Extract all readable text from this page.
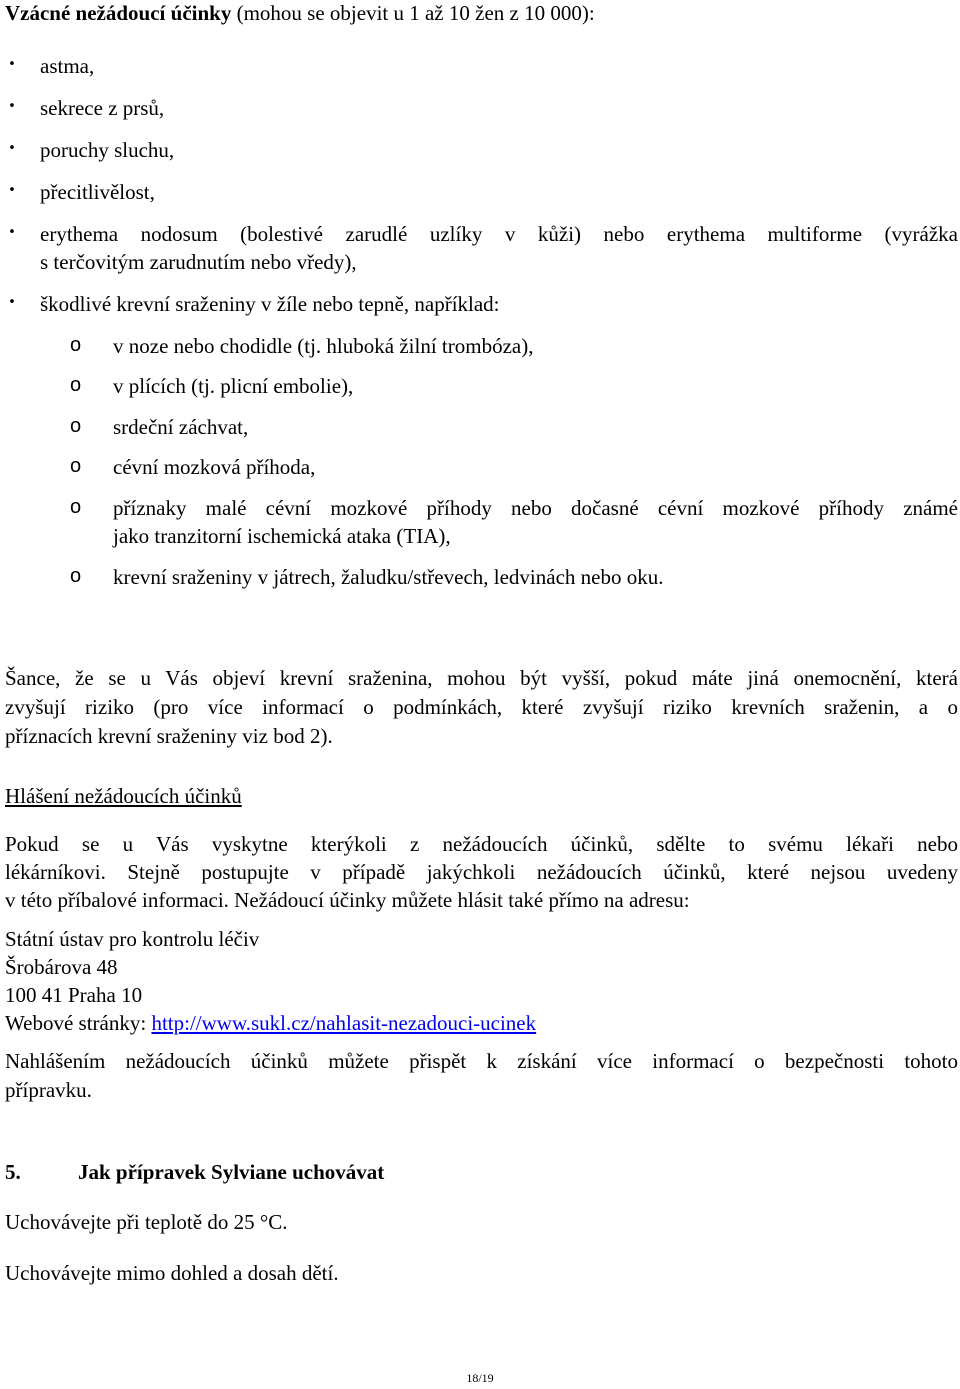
Vzácné nežádoucí účinky (mohou se objevit u 1 až 10 žen z 10 000):
• astma,
• sekrece z prsů,
• poruchy sluchu,
• přecitlivělost,
• erythema nodosum (bolestivé zarudlé uzlíky v kůži) nebo erythema multiforme (vyrážka
s terčovitým zarudnutím nebo vředy),
• škodlivé krevní sraženiny v žíle nebo tepně, například:
o v noze nebo chodidle (tj. hluboká žilní trombóza),
o v plících (tj. plicní embolie),
o srdeční záchvat,
o cévní mozková příhoda,
o příznaky malé cévní mozkové příhody nebo dočasné cévní mozkové příhody známé
jako tranzitorní ischemická ataka (TIA),
o krevní sraženiny v játrech, žaludku/střevech, ledvinách nebo oku.
Šance, že se u Vás objeví krevní sraženina, mohou být vyšší, pokud máte jiná onemocnění, která
zvyšují riziko (pro více informací o podmínkách, které zvyšují riziko krevních sraženin, a o
příznacích krevní sraženiny viz bod 2).
Hlášení nežádoucích účinků
Pokud se u Vás vyskytne kterýkoli z nežádoucích účinků, sdělte to svému lékaři nebo
lékárníkovi. Stejně postupujte v případě jakýchkoli nežádoucích účinků, které nejsou uvedeny
v této příbalové informaci. Nežádoucí účinky můžete hlásit také přímo na adresu:
Státní ústav pro kontrolu léčiv
Šrobárova 48
100 41 Praha 10
Webové stránky: http://www.sukl.cz/nahlasit-nezadouci-ucinek
Nahlášením nežádoucích účinků můžete přispět k získání více informací o bezpečnosti tohoto
přípravku.
5.	Jak přípravek Sylviane uchovávat
Uchovávejte při teplotě do 25 °C.
Uchovávejte mimo dohled a dosah dětí.
18/19
